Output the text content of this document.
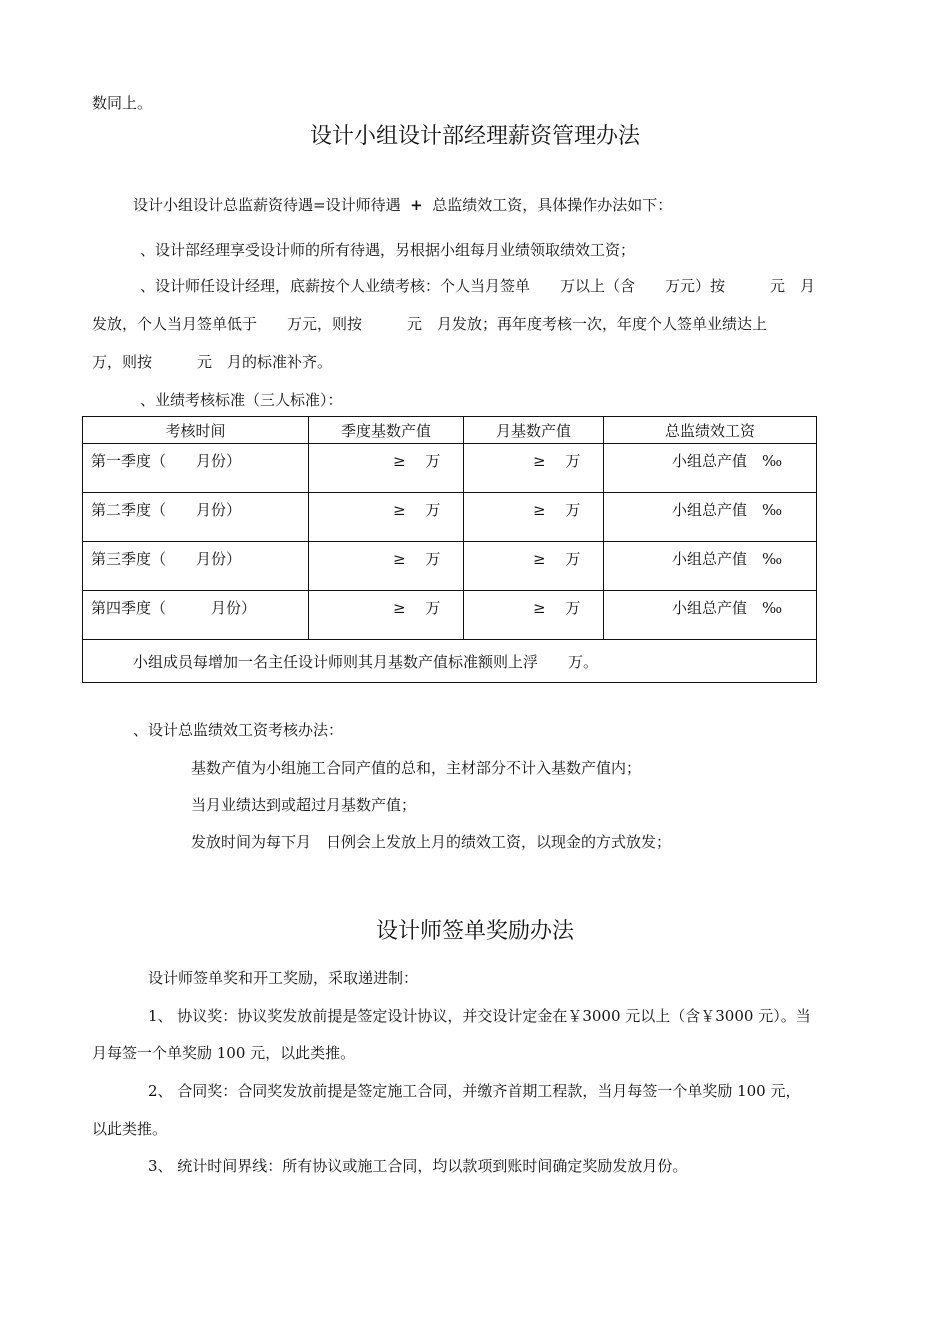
数同上。
设计小组设计部经理薪资管理办法
设计小组设计总监薪资待遇=设计师待遇 + 总监绩效工资，具体操作办法如下：
、设计部经理享受设计师的所有待遇，另根据小组每月业绩领取绩效工资；
、设计师任设计经理，底薪按个人业绩考核：个人当月签单　　万以上（含　　万元）按　　　元　月
发放，个人当月签单低于　　万元，则按　　　元　月发放；再年度考核一次，年度个人签单业绩达上
万，则按　　　元　月的标准补齐。
、业绩考核标准（三人标准）：
考核时间	季度基数产值	月基数产值	总监绩效工资
第一季度（　　月份）	≥　 万	≥　 万	小组总产值　‰
第二季度（　　月份）	≥　 万	≥　 万	小组总产值　‰
第三季度（　　月份）	≥　 万	≥　 万	小组总产值　‰
第四季度（　　　月份）	≥　 万	≥　 万	小组总产值　‰
小组成员每增加一名主任设计师则其月基数产值标准额则上浮　　万。			
、设计总监绩效工资考核办法：
基数产值为小组施工合同产值的总和，主材部分不计入基数产值内；
当月业绩达到或超过月基数产值；
发放时间为每下月　日例会上发放上月的绩效工资，以现金的方式放发；
设计师签单奖励办法
设计师签单奖和开工奖励，采取递进制：
1、 协议奖：协议奖发放前提是签定设计协议，并交设计定金在￥3000 元以上（含￥3000 元）。当
月每签一个单奖励 100 元，以此类推。
2、 合同奖：合同奖发放前提是签定施工合同，并缴齐首期工程款，当月每签一个单奖励 100 元，
以此类推。
3、 统计时间界线：所有协议或施工合同，均以款项到账时间确定奖励发放月份。
